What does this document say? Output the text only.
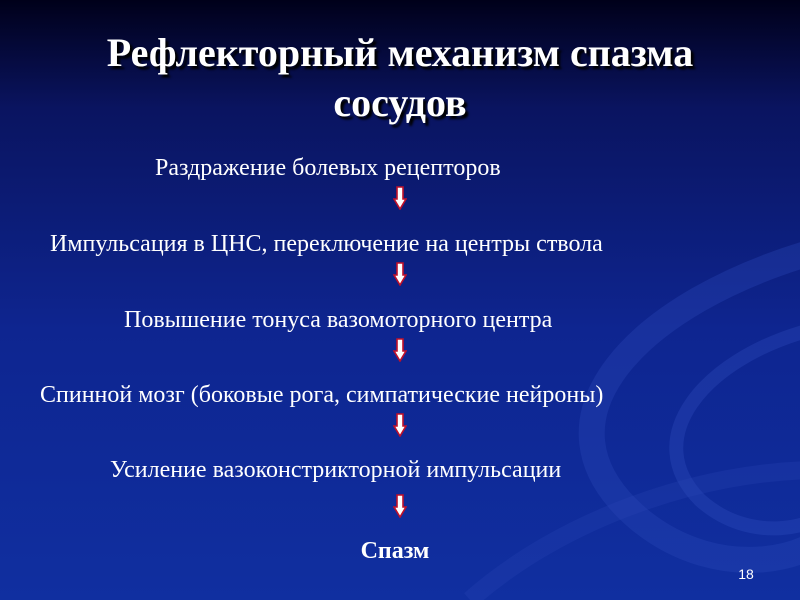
Рефлекторный механизм спазма сосудов
Раздражение болевых рецепторов
Импульсация в ЦНС, переключение на центры ствола
Повышение тонуса вазомоторного центра
Спинной мозг (боковые рога, симпатические нейроны)
Усиление вазоконстрикторной импульсации
Спазм
18
